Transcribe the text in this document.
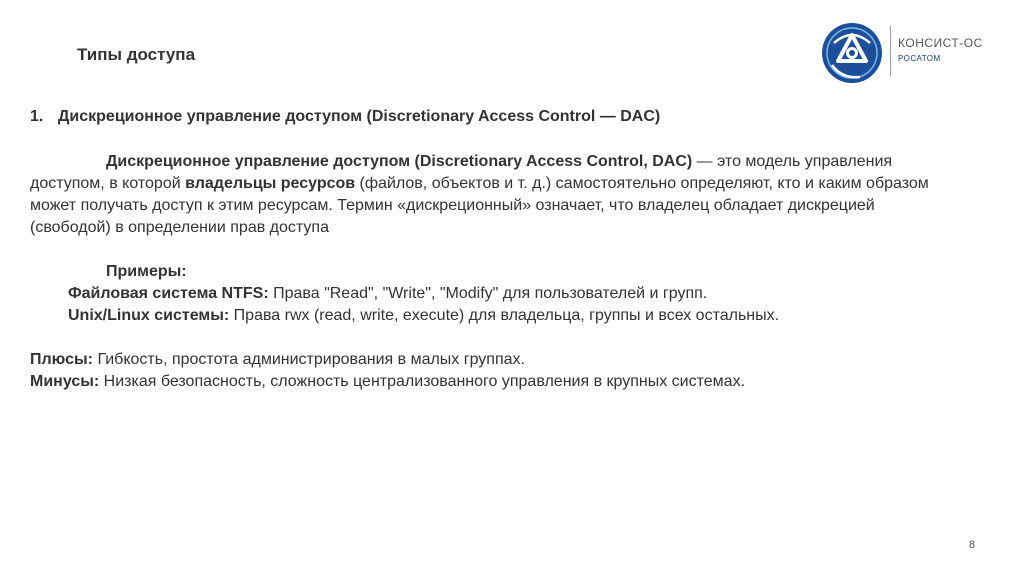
Типы доступа
КОНСИСТ-ОС
РОСАТОМ
1. Дискреционное управление доступом (Discretionary Access Control — DAC)
Дискреционное управление доступом (Discretionary Access Control, DAC) — это модель управления доступом, в которой владельцы ресурсов (файлов, объектов и т. д.) самостоятельно определяют, кто и каким образом может получать доступ к этим ресурсам. Термин «дискреционный» означает, что владелец обладает дискрецией (свободой) в определении прав доступа
Примеры:
Файловая система NTFS: Права "Read", "Write", "Modify" для пользователей и групп.
Unix/Linux системы: Права rwx (read, write, execute) для владельца, группы и всех остальных.
Плюсы: Гибкость, простота администрирования в малых группах.
Минусы: Низкая безопасность, сложность централизованного управления в крупных системах.
8
